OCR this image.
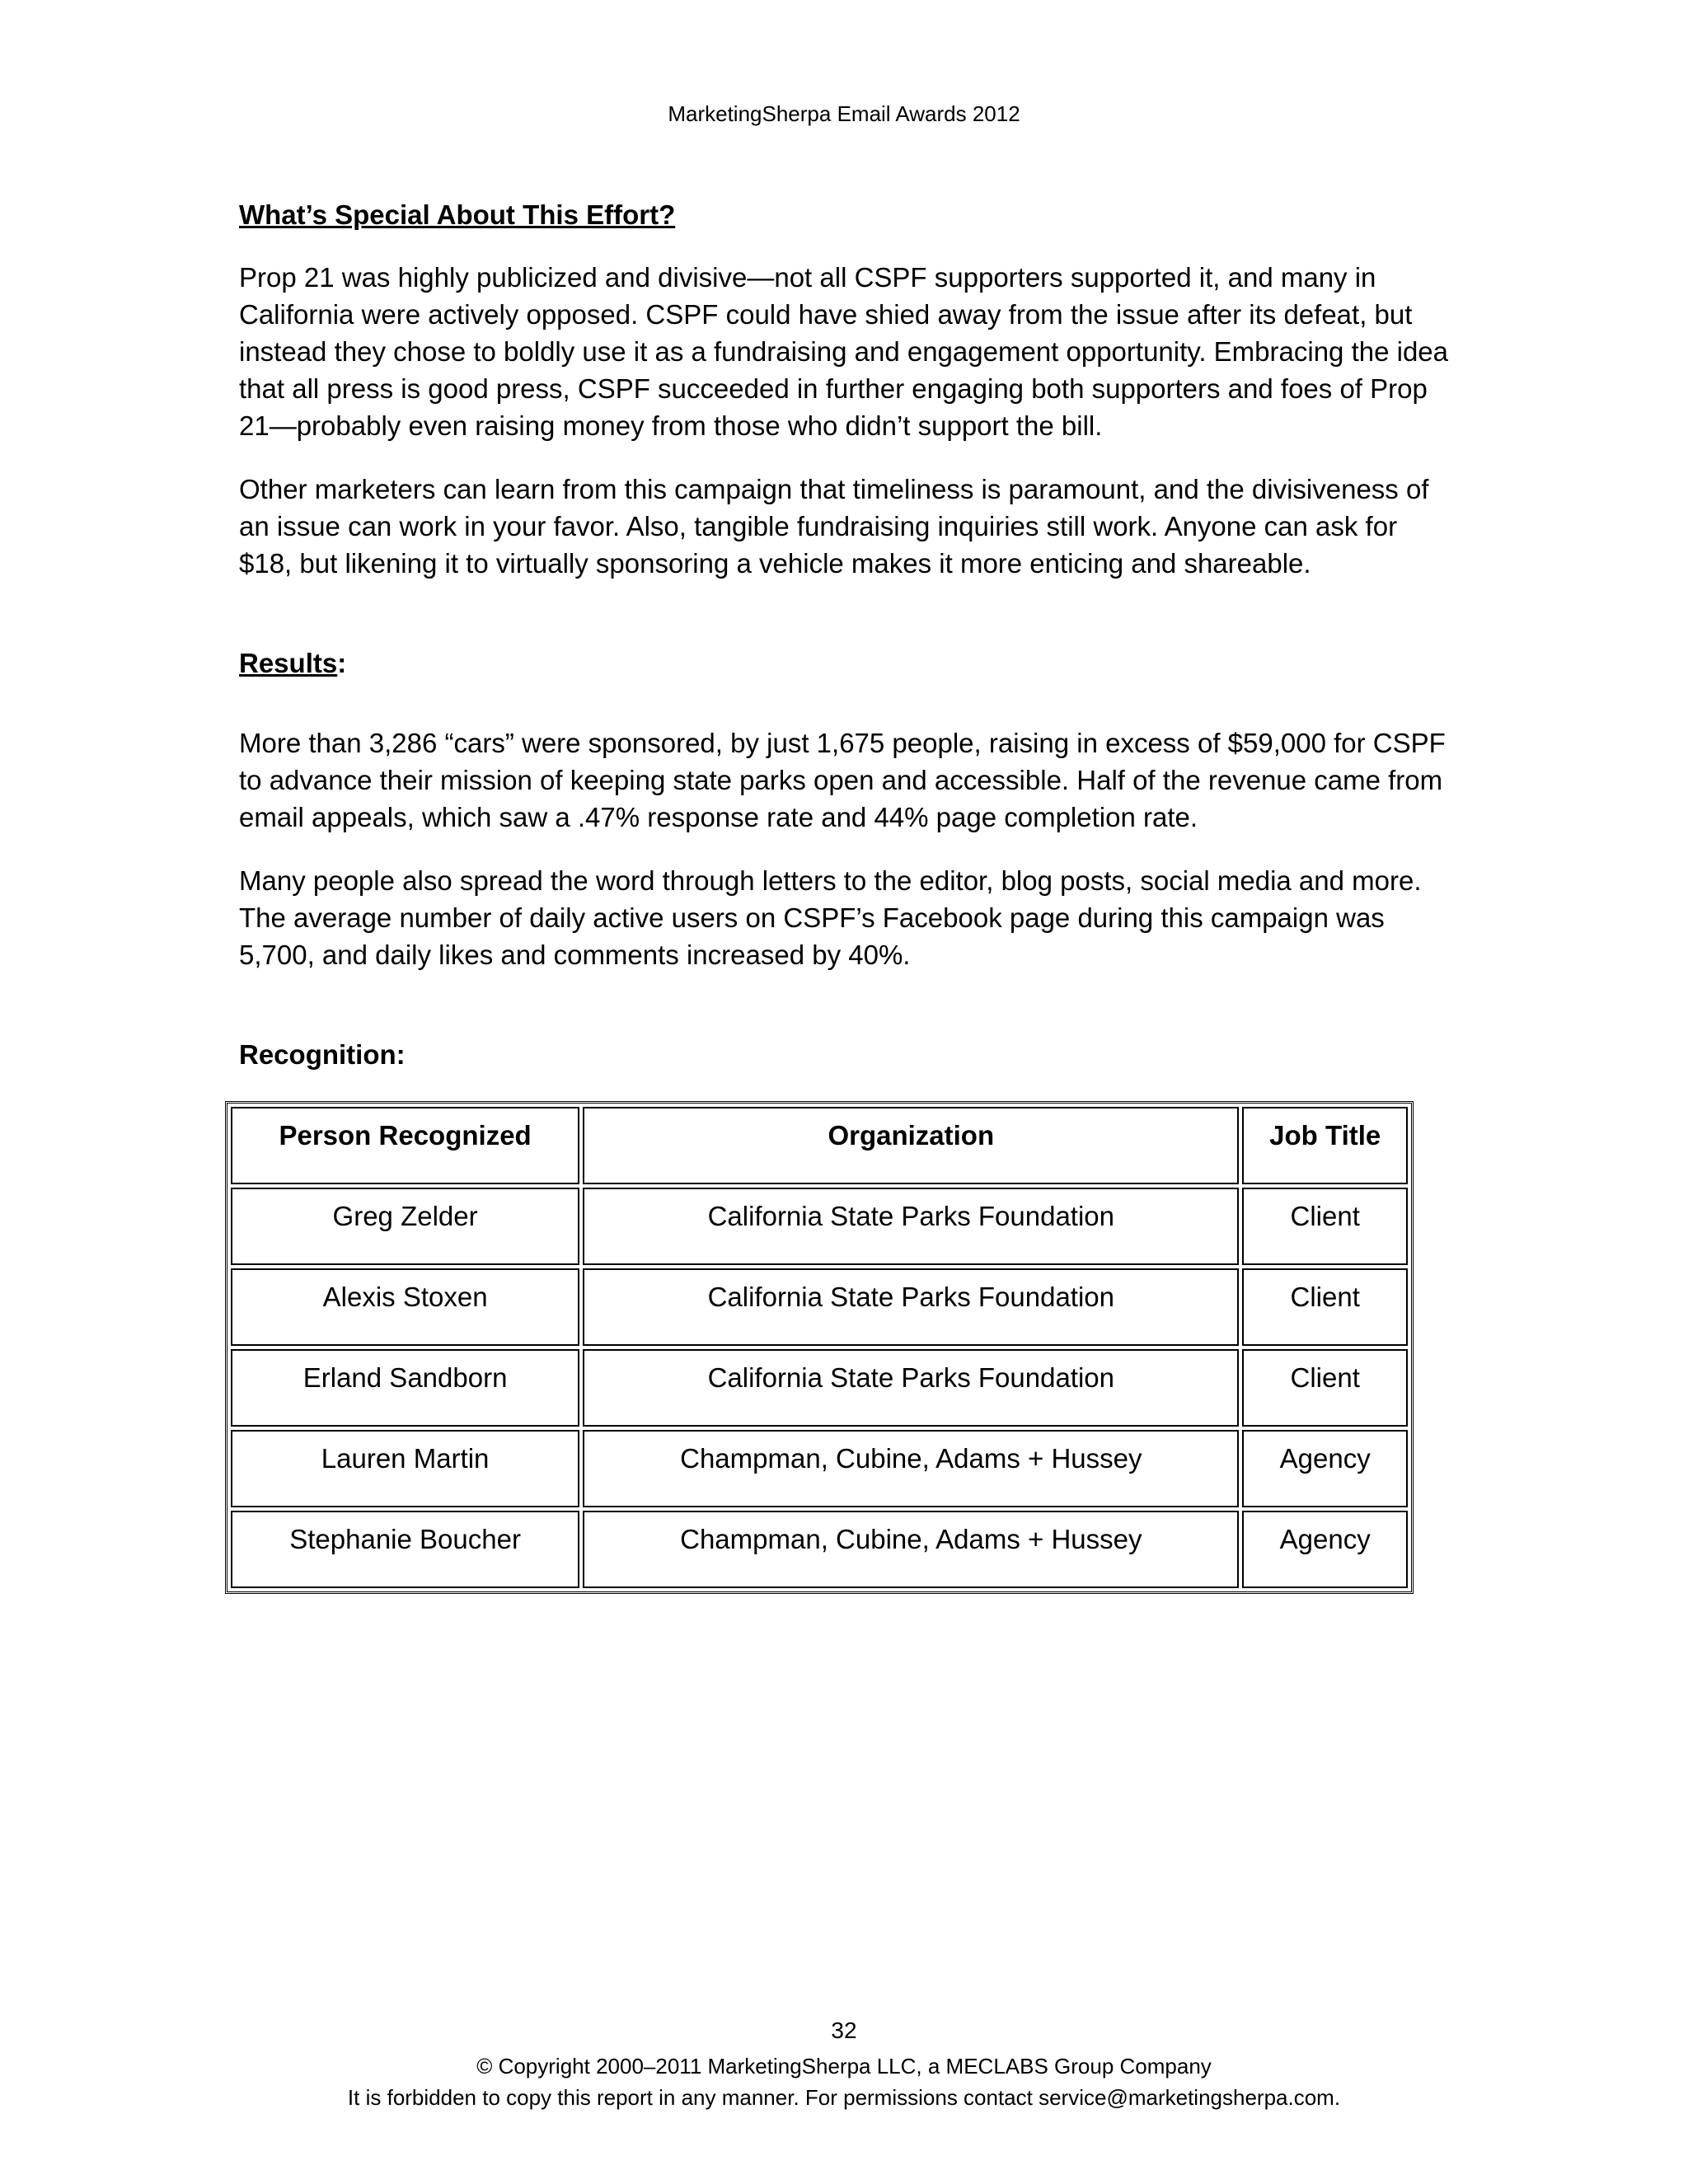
MarketingSherpa Email Awards 2012
What’s Special About This Effort?

Prop 21 was highly publicized and divisive—not all CSPF supporters supported it, and many in California were actively opposed. CSPF could have shied away from the issue after its defeat, but instead they chose to boldly use it as a fundraising and engagement opportunity. Embracing the idea that all press is good press, CSPF succeeded in further engaging both supporters and foes of Prop 21—probably even raising money from those who didn’t support the bill.

Other marketers can learn from this campaign that timeliness is paramount, and the divisiveness of an issue can work in your favor. Also, tangible fundraising inquiries still work. Anyone can ask for $18, but likening it to virtually sponsoring a vehicle makes it more enticing and shareable.

Results:

More than 3,286 “cars” were sponsored, by just 1,675 people, raising in excess of $59,000 for CSPF to advance their mission of keeping state parks open and accessible. Half of the revenue came from email appeals, which saw a .47% response rate and 44% page completion rate.

Many people also spread the word through letters to the editor, blog posts, social media and more. The average number of daily active users on CSPF’s Facebook page during this campaign was 5,700, and daily likes and comments increased by 40%.

Recognition:
Person Recognized	Organization	Job Title
Greg Zelder	California State Parks Foundation	Client
Alexis Stoxen	California State Parks Foundation	Client
Erland Sandborn	California State Parks Foundation	Client
Lauren Martin	Champman, Cubine, Adams + Hussey	Agency
Stephanie Boucher	Champman, Cubine, Adams + Hussey	Agency
32
© Copyright 2000–2011 MarketingSherpa LLC, a MECLABS Group Company
It is forbidden to copy this report in any manner. For permissions contact service@marketingsherpa.com.
